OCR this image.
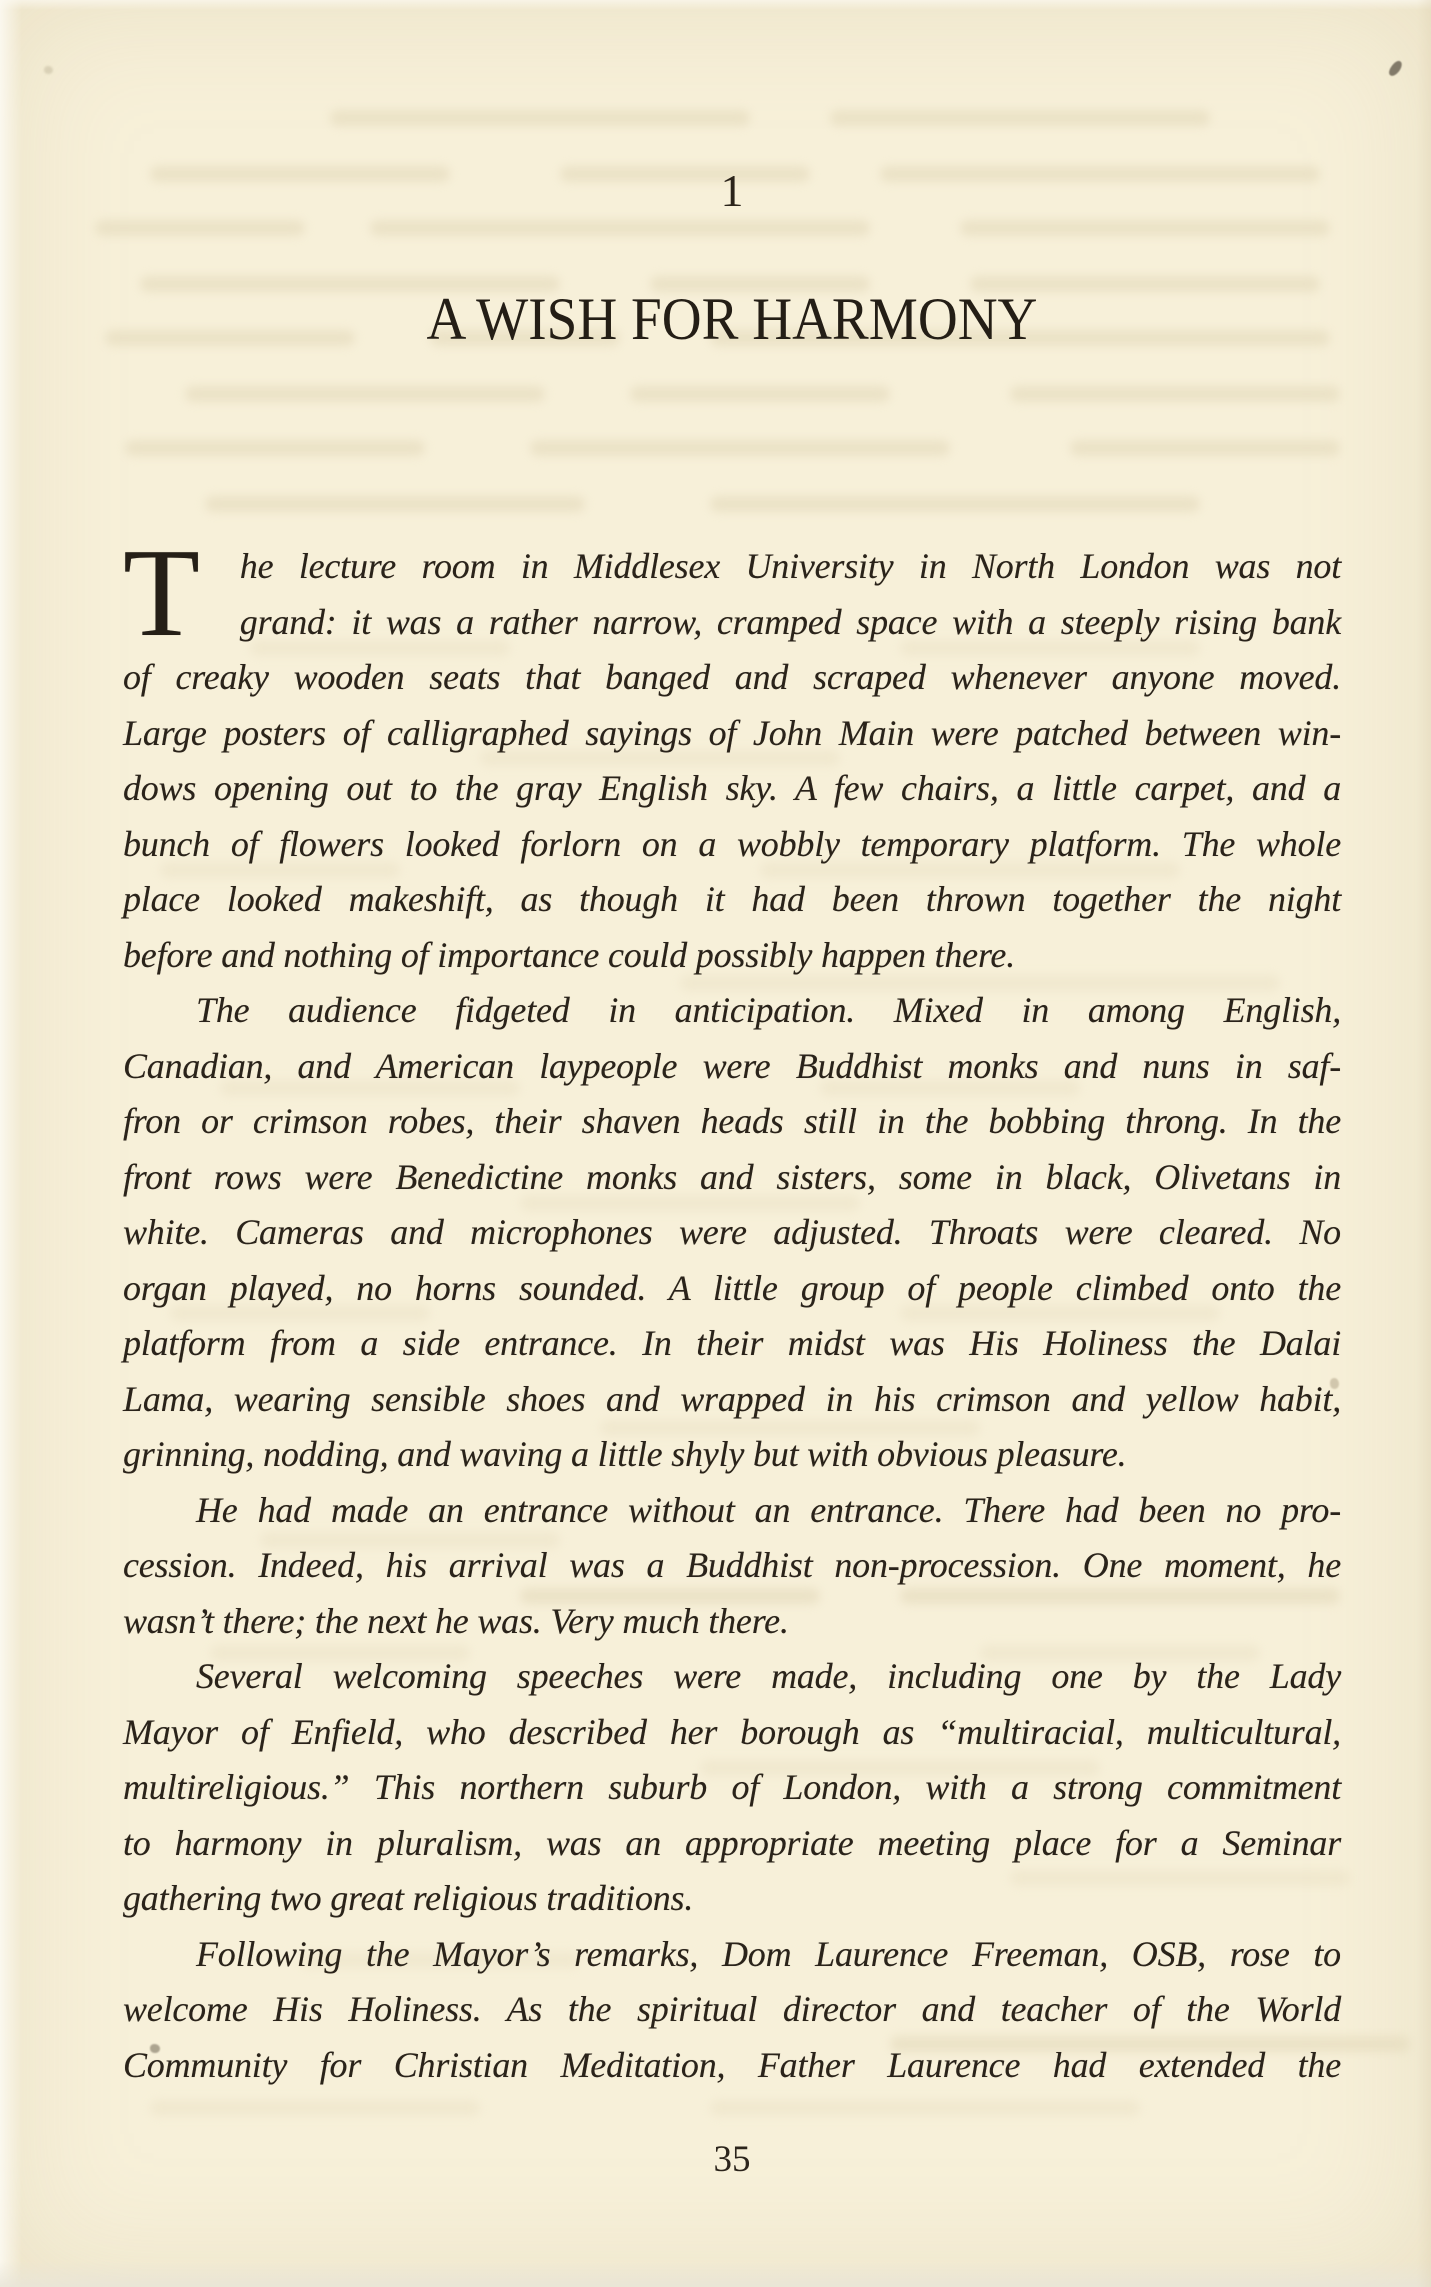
1
A WISH FOR HARMONY
T	he lecture room in Middlesex University in North London was not
grand: it was a rather narrow, cramped space with a steeply rising bank
of creaky wooden seats that banged and scraped whenever anyone moved.
Large posters of calligraphed sayings of John Main were patched between win-
dows opening out to the gray English sky. A few chairs, a little carpet, and a
bunch of flowers looked forlorn on a wobbly temporary platform. The whole
place looked makeshift, as though it had been thrown together the night
before and nothing of importance could possibly happen there.
The audience fidgeted in anticipation. Mixed in among English,
Canadian, and American laypeople were Buddhist monks and nuns in saf-
fron or crimson robes, their shaven heads still in the bobbing throng. In the
front rows were Benedictine monks and sisters, some in black, Olivetans in
white. Cameras and microphones were adjusted. Throats were cleared. No
organ played, no horns sounded. A little group of people climbed onto the
platform from a side entrance. In their midst was His Holiness the Dalai
Lama, wearing sensible shoes and wrapped in his crimson and yellow habit,
grinning, nodding, and waving a little shyly but with obvious pleasure.
He had made an entrance without an entrance. There had been no pro-
cession. Indeed, his arrival was a Buddhist non-procession. One moment, he
wasn’t there; the next he was. Very much there.
Several welcoming speeches were made, including one by the Lady
Mayor of Enfield, who described her borough as “multiracial, multicultural,
multireligious.” This northern suburb of London, with a strong commitment
to harmony in pluralism, was an appropriate meeting place for a Seminar
gathering two great religious traditions.
Following the Mayor’s remarks, Dom Laurence Freeman, OSB, rose to
welcome His Holiness. As the spiritual director and teacher of the World
Community for Christian Meditation, Father Laurence had extended the
35
